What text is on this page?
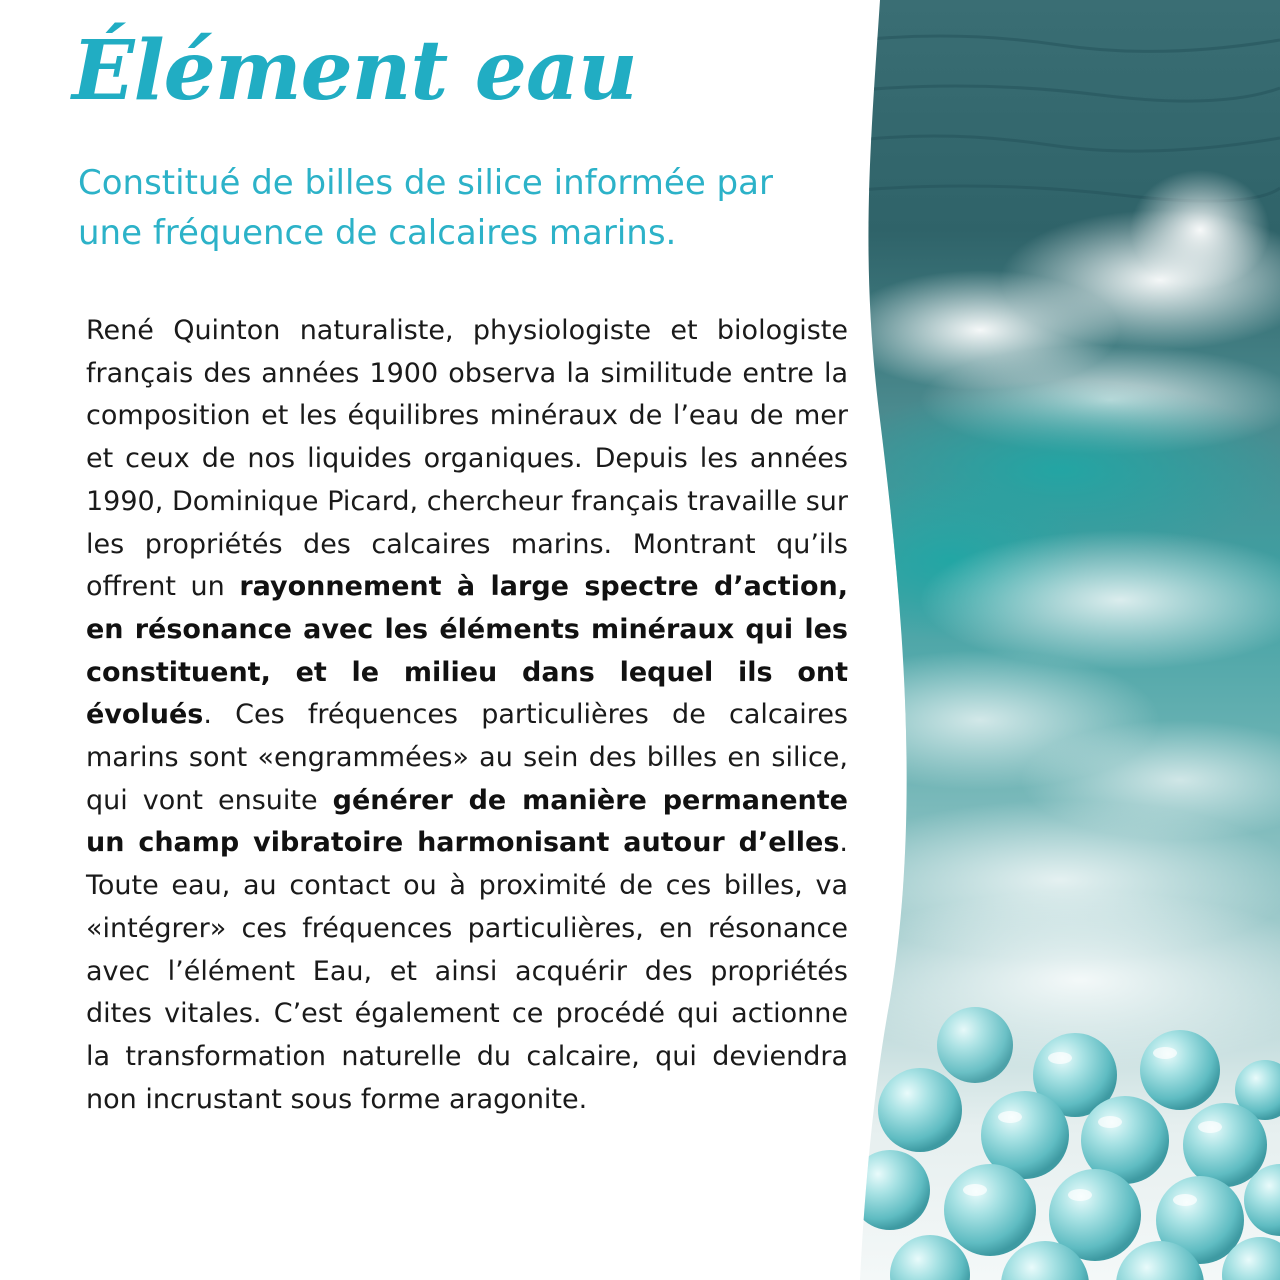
Élément eau

Constitué de billes de silice informée par une fréquence de calcaires marins.

René Quinton naturaliste, physiologiste et biologiste français des années 1900 observa la similitude entre la composition et les équilibres minéraux de l’eau de mer et ceux de nos liquides organiques. Depuis les années 1990, Dominique Picard, chercheur français travaille sur les propriétés des calcaires marins. Montrant qu’ils offrent un rayonnement à large spectre d’action, en résonance avec les éléments minéraux qui les constituent, et le milieu dans lequel ils ont évolués. Ces fréquences particulières de calcaires marins sont «engrammées» au sein des billes en silice, qui vont ensuite générer de manière permanente un champ vibratoire harmonisant autour d’elles. Toute eau, au contact ou à proximité de ces billes, va «intégrer» ces fréquences particulières, en résonance avec l’élément Eau, et ainsi acquérir des propriétés dites vitales. C’est également ce procédé qui actionne la transformation naturelle du calcaire, qui deviendra non incrustant sous forme aragonite.
